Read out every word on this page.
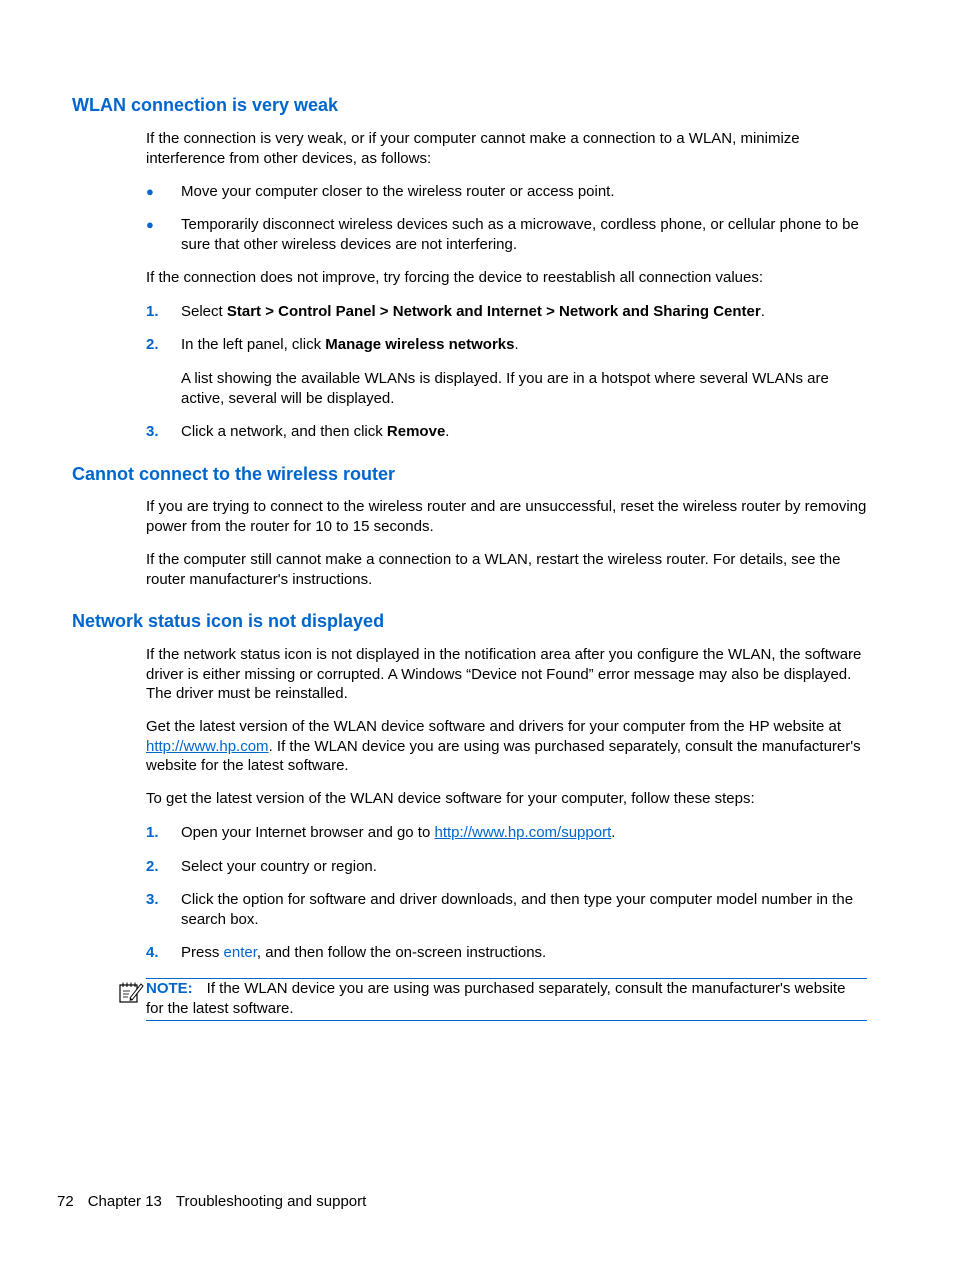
WLAN connection is very weak

If the connection is very weak, or if your computer cannot make a connection to a WLAN, minimize interference from other devices, as follows:

● Move your computer closer to the wireless router or access point.
● Temporarily disconnect wireless devices such as a microwave, cordless phone, or cellular phone to be sure that other wireless devices are not interfering.

If the connection does not improve, try forcing the device to reestablish all connection values:

1. Select Start > Control Panel > Network and Internet > Network and Sharing Center.
2. In the left panel, click Manage wireless networks.
A list showing the available WLANs is displayed. If you are in a hotspot where several WLANs are active, several will be displayed.
3. Click a network, and then click Remove.
Cannot connect to the wireless router

If you are trying to connect to the wireless router and are unsuccessful, reset the wireless router by removing power from the router for 10 to 15 seconds.

If the computer still cannot make a connection to a WLAN, restart the wireless router. For details, see the router manufacturer's instructions.

Network status icon is not displayed

If the network status icon is not displayed in the notification area after you configure the WLAN, the software driver is either missing or corrupted. A Windows “Device not Found” error message may also be displayed. The driver must be reinstalled.

Get the latest version of the WLAN device software and drivers for your computer from the HP website at http://www.hp.com. If the WLAN device you are using was purchased separately, consult the manufacturer's website for the latest software.

To get the latest version of the WLAN device software for your computer, follow these steps:

1. Open your Internet browser and go to http://www.hp.com/support.
2. Select your country or region.
3. Click the option for software and driver downloads, and then type your computer model number in the search box.
4. Press enter, and then follow the on-screen instructions.
NOTE: If the WLAN device you are using was purchased separately, consult the manufacturer's website for the latest software.
72 Chapter 13 Troubleshooting and support
